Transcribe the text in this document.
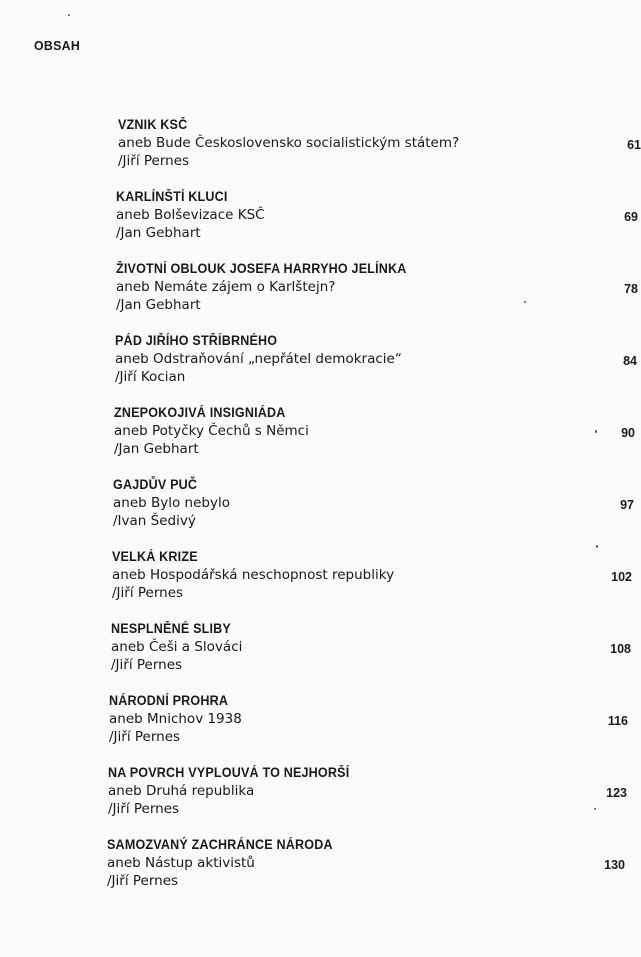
OBSAH
VZNIK KSČ
aneb Bude Československo socialistickým státem?
/Jiří Pernes
61
KARLÍNŠTÍ KLUCI
aneb Bolševizace KSČ
/Jan Gebhart
69
ŽIVOTNÍ OBLOUK JOSEFA HARRYHO JELÍNKA
aneb Nemáte zájem o Karlštejn?
/Jan Gebhart
78
PÁD JIŘÍHO STŘÍBRNÉHO
aneb Odstraňování „nepřátel demokracie“
/Jiří Kocian
84
ZNEPOKOJIVÁ INSIGNIÁDA
aneb Potyčky Čechů s Němci
/Jan Gebhart
90
GAJDŮV PUČ
aneb Bylo nebylo
/Ivan Šedivý
97
VELKÁ KRIZE
aneb Hospodářská neschopnost republiky
/Jiří Pernes
102
NESPLNĚNÉ SLIBY
aneb Češi a Slováci
/Jiří Pernes
108
NÁRODNÍ PROHRA
aneb Mnichov 1938
/Jiří Pernes
116
NA POVRCH VYPLOUVÁ TO NEJHORŠÍ
aneb Druhá republika
/Jiří Pernes
123
SAMOZVANÝ ZACHRÁNCE NÁRODA
aneb Nástup aktivistů
/Jiří Pernes
130
